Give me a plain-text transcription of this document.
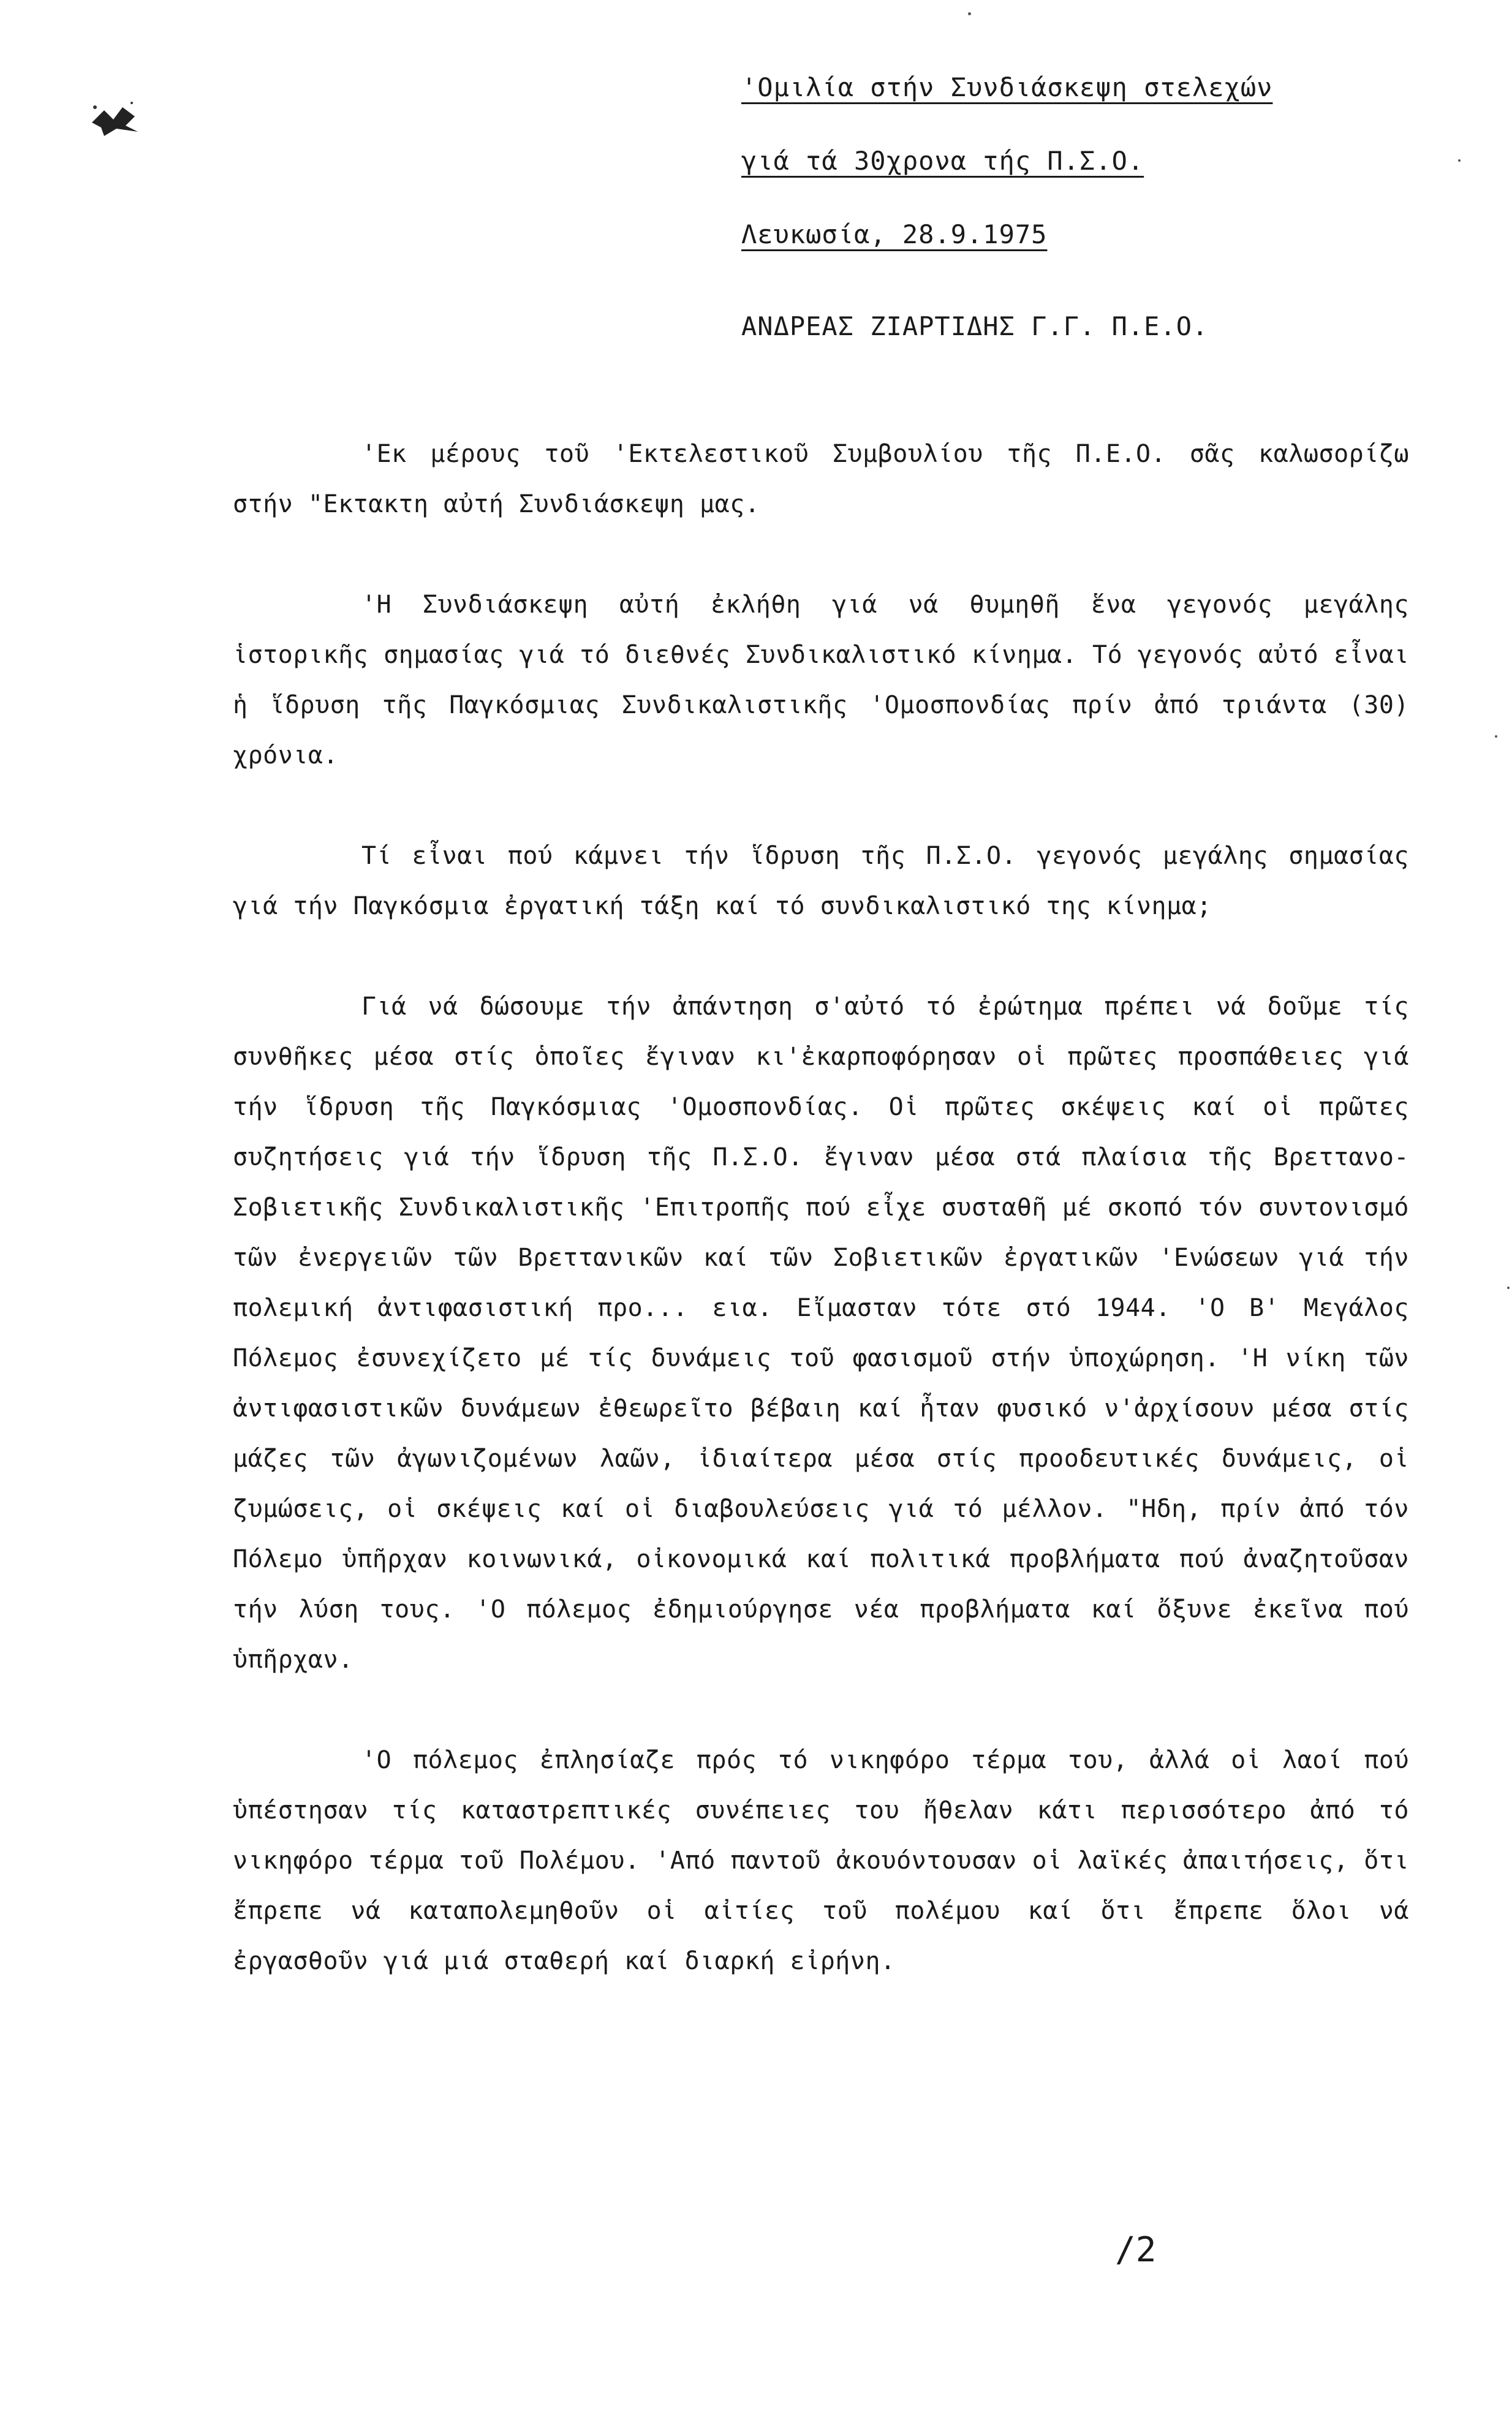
'Ομιλία στήν Συνδιάσκεψη στελεχών
γιά τά 30χρονα τής Π.Σ.Ο.
Λευκωσία, 28.9.1975
ΑΝΔΡΕΑΣ ΖΙΑΡΤΙΔΗΣ Γ.Γ. Π.Ε.Ο.

'Εκ μέρους τοῦ 'Εκτελεστικοῦ Συμβουλίου τῆς Π.Ε.Ο. σᾶς καλωσορίζω στήν "Εκτακτη αὐτή Συνδιάσκεψη μας.

'Η Συνδιάσκεψη αὐτή ἐκλήθη γιά νά θυμηθῆ ἕνα γεγονός μεγάλης ἱστορικῆς σημασίας γιά τό διεθνές Συνδικαλιστικό κίνημα. Τό γεγονός αὐτό εἶναι ἡ ἵδρυση τῆς Παγκόσμιας Συνδικαλιστικῆς 'Ομοσπονδίας πρίν ἀπό τριάντα (30) χρόνια.

Τί εἶναι πού κάμνει τήν ἵδρυση τῆς Π.Σ.Ο. γεγονός μεγάλης σημασίας γιά τήν Παγκόσμια ἐργατική τάξη καί τό συνδικαλιστικό της κίνημα;

Γιά νά δώσουμε τήν ἀπάντηση σ'αὐτό τό ἐρώτημα πρέπει νά δοῦμε τίς συνθῆκες μέσα στίς ὁποῖες ἔγιναν κι'ἐκαρποφόρησαν οἱ πρῶτες προσπάθειες γιά τήν ἵδρυση τῆς Παγκόσμιας 'Ομοσπονδίας. Οἱ πρῶτες σκέψεις καί οἱ πρῶτες συζητήσεις γιά τήν ἵδρυση τῆς Π.Σ.Ο. ἔγιναν μέσα στά πλαίσια τῆς Βρεττανο-Σοβιετικῆς Συνδικαλιστικῆς 'Επιτροπῆς πού εἶχε συσταθῆ μέ σκοπό τόν συντονισμό τῶν ἐνεργειῶν τῶν Βρεττανικῶν καί τῶν Σοβιετικῶν ἐργατικῶν 'Ενώσεων γιά τήν πολεμική ἀντιφασιστική προ... εια. Εἴμασταν τότε στό 1944. 'Ο Β' Μεγάλος Πόλεμος ἐσυνεχίζετο μέ τίς δυνάμεις τοῦ φασισμοῦ στήν ὑποχώρηση. 'Η νίκη τῶν ἀντιφασιστικῶν δυνάμεων ἐθεωρεῖτο βέβαιη καί ἦταν φυσικό ν'ἀρχίσουν μέσα στίς μάζες τῶν ἀγωνιζομένων λαῶν, ἰδιαίτερα μέσα στίς προοδευτικές δυνάμεις, οἱ ζυμώσεις, οἱ σκέψεις καί οἱ διαβουλεύσεις γιά τό μέλλον. "Ηδη, πρίν ἀπό τόν Πόλεμο ὑπῆρχαν κοινωνικά, οἰκονομικά καί πολιτικά προβλήματα πού ἀναζητοῦσαν τήν λύση τους. 'Ο πόλεμος ἐδημιούργησε νέα προβλήματα καί ὄξυνε ἐκεῖνα πού ὑπῆρχαν.

'Ο πόλεμος ἐπλησίαζε πρός τό νικηφόρο τέρμα του, ἀλλά οἱ λαοί πού ὑπέστησαν τίς καταστρεπτικές συνέπειες του ἤθελαν κάτι περισσότερο ἀπό τό νικηφόρο τέρμα τοῦ Πολέμου. 'Από παντοῦ ἀκουόντουσαν οἱ λαϊκές ἀπαιτήσεις, ὅτι ἔπρεπε νά καταπολεμηθοῦν οἱ αἰτίες τοῦ πολέμου καί ὅτι ἔπρεπε ὅλοι νά ἐργασθοῦν γιά μιά σταθερή καί διαρκή εἰρήνη.

/2
